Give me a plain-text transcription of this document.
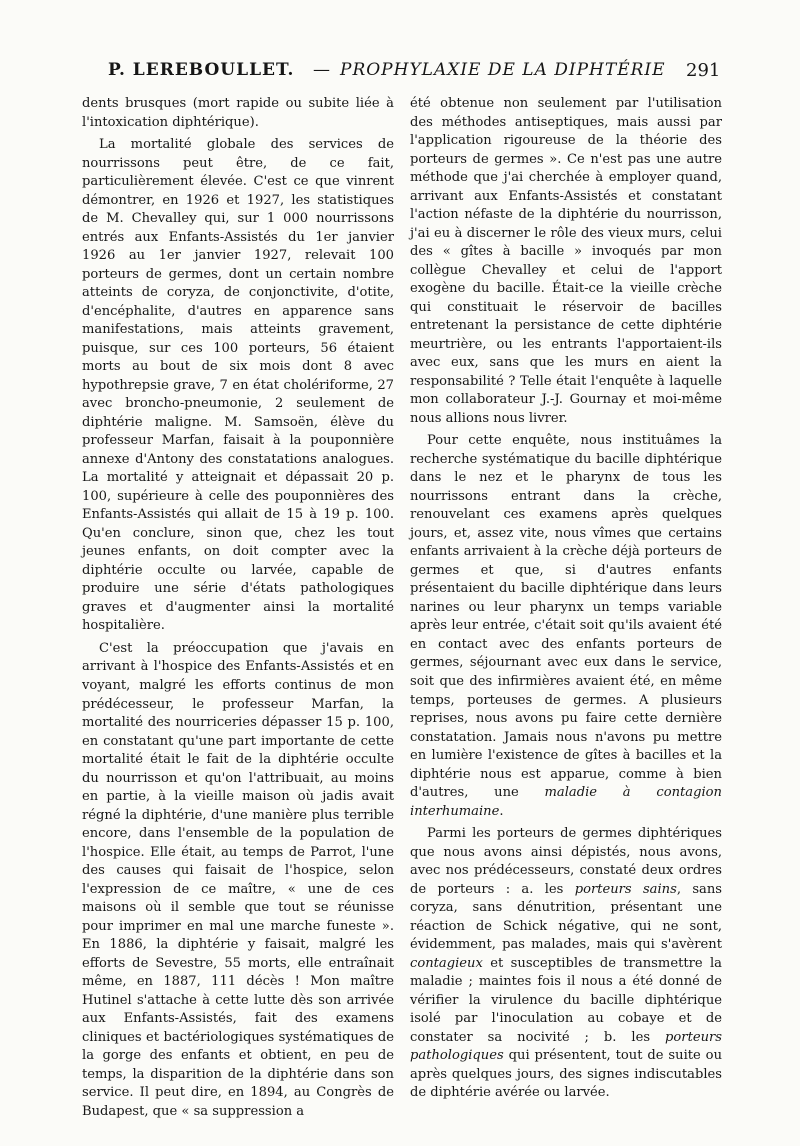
P. LEREBOULLET. — PROPHYLAXIE DE LA DIPHTÉRIE 291

dents brusques (mort rapide ou subite liée à l'intoxication diphtérique).

La mortalité globale des services de nourrissons peut être, de ce fait, particulièrement élevée. C'est ce que vinrent démontrer, en 1926 et 1927, les statistiques de M. Chevalley qui, sur 1 000 nourrissons entrés aux Enfants-Assistés du 1er janvier 1926 au 1er janvier 1927, relevait 100 porteurs de germes, dont un certain nombre atteints de coryza, de conjonctivite, d'otite, d'encéphalite, d'autres en apparence sans manifestations, mais atteints gravement, puisque, sur ces 100 porteurs, 56 étaient morts au bout de six mois dont 8 avec hypothrepsie grave, 7 en état cholériforme, 27 avec broncho-pneumonie, 2 seulement de diphtérie maligne. M. Samsoën, élève du professeur Marfan, faisait à la pouponnière annexe d'Antony des constatations analogues. La mortalité y atteignait et dépassait 20 p. 100, supérieure à celle des pouponnières des Enfants-Assistés qui allait de 15 à 19 p. 100. Qu'en conclure, sinon que, chez les tout jeunes enfants, on doit compter avec la diphtérie occulte ou larvée, capable de produire une série d'états pathologiques graves et d'augmenter ainsi la mortalité hospitalière.

C'est la préoccupation que j'avais en arrivant à l'hospice des Enfants-Assistés et en voyant, malgré les efforts continus de mon prédécesseur, le professeur Marfan, la mortalité des nourriceries dépasser 15 p. 100, en constatant qu'une part importante de cette mortalité était le fait de la diphtérie occulte du nourrisson et qu'on l'attribuait, au moins en partie, à la vieille maison où jadis avait régné la diphtérie, d'une manière plus terrible encore, dans l'ensemble de la population de l'hospice. Elle était, au temps de Parrot, l'une des causes qui faisait de l'hospice, selon l'expression de ce maître, « une de ces maisons où il semble que tout se réunisse pour imprimer en mal une marche funeste ». En 1886, la diphtérie y faisait, malgré les efforts de Sevestre, 55 morts, elle entraînait même, en 1887, 111 décès ! Mon maître Hutinel s'attache à cette lutte dès son arrivée aux Enfants-Assistés, fait des examens cliniques et bactériologiques systématiques de la gorge des enfants et obtient, en peu de temps, la disparition de la diphtérie dans son service. Il peut dire, en 1894, au Congrès de Budapest, que « sa suppression a

été obtenue non seulement par l'utilisation des méthodes antiseptiques, mais aussi par l'application rigoureuse de la théorie des porteurs de germes ». Ce n'est pas une autre méthode que j'ai cherchée à employer quand, arrivant aux Enfants-Assistés et constatant l'action néfaste de la diphtérie du nourrisson, j'ai eu à discerner le rôle des vieux murs, celui des « gîtes à bacille » invoqués par mon collègue Chevalley et celui de l'apport exogène du bacille. Était-ce la vieille crèche qui constituait le réservoir de bacilles entretenant la persistance de cette diphtérie meurtrière, ou les entrants l'apportaient-ils avec eux, sans que les murs en aient la responsabilité ? Telle était l'enquête à laquelle mon collaborateur J.-J. Gournay et moi-même nous allions nous livrer.

Pour cette enquête, nous instituâmes la recherche systématique du bacille diphtérique dans le nez et le pharynx de tous les nourrissons entrant dans la crèche, renouvelant ces examens après quelques jours, et, assez vite, nous vîmes que certains enfants arrivaient à la crèche déjà porteurs de germes et que, si d'autres enfants présentaient du bacille diphtérique dans leurs narines ou leur pharynx un temps variable après leur entrée, c'était soit qu'ils avaient été en contact avec des enfants porteurs de germes, séjournant avec eux dans le service, soit que des infirmières avaient été, en même temps, porteuses de germes. A plusieurs reprises, nous avons pu faire cette dernière constatation. Jamais nous n'avons pu mettre en lumière l'existence de gîtes à bacilles et la diphtérie nous est apparue, comme à bien d'autres, une maladie à contagion interhumaine.

Parmi les porteurs de germes diphtériques que nous avons ainsi dépistés, nous avons, avec nos prédécesseurs, constaté deux ordres de porteurs : a. les porteurs sains, sans coryza, sans dénutrition, présentant une réaction de Schick négative, qui ne sont, évidemment, pas malades, mais qui s'avèrent contagieux et susceptibles de transmettre la maladie ; maintes fois il nous a été donné de vérifier la virulence du bacille diphtérique isolé par l'inoculation au cobaye et de constater sa nocivité ; b. les porteurs pathologiques qui présentent, tout de suite ou après quelques jours, des signes indiscutables de diphtérie avérée ou larvée.
